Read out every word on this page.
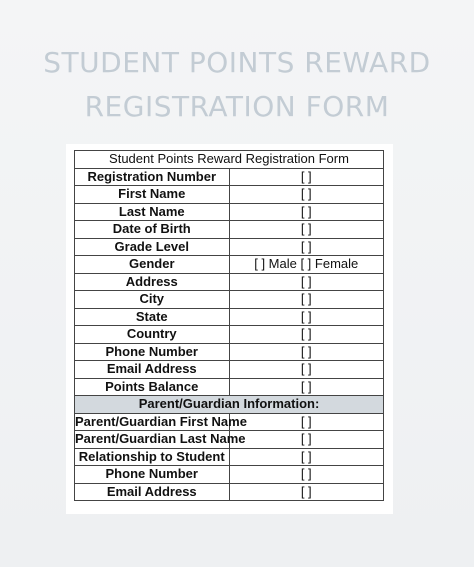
STUDENT POINTS REWARD
REGISTRATION FORM
Student Points Reward Registration Form	
Registration Number	[ ]
First Name	[ ]
Last Name	[ ]
Date of Birth	[ ]
Grade Level	[ ]
Gender	[ ] Male [ ] Female
Address	[ ]
City	[ ]
State	[ ]
Country	[ ]
Phone Number	[ ]
Email Address	[ ]
Points Balance	[ ]
Parent/Guardian Information:	
Parent/Guardian First Name	[ ]
Parent/Guardian Last Name	[ ]
Relationship to Student	[ ]
Phone Number	[ ]
Email Address	[ ]
